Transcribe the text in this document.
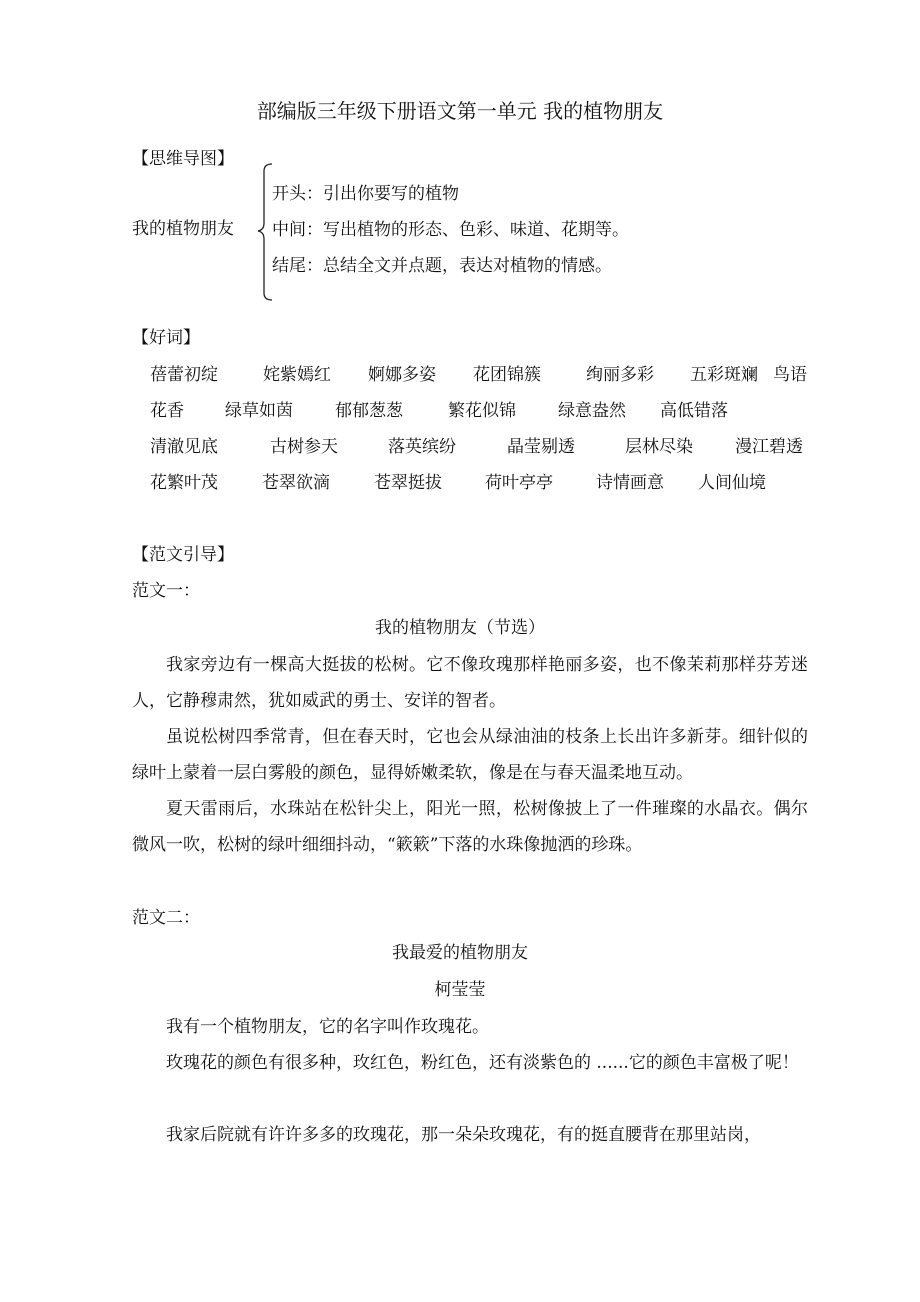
部编版三年级下册语文第一单元 我的植物朋友
【思维导图】
我的植物朋友
开头：引出你要写的植物
中间：写出植物的形态、色彩、味道、花期等。
结尾：总结全文并点题，表达对植物的情感。
【好词】
蓓蕾初绽	姹紫嫣红 婀娜多姿 花团锦簇	绚丽多彩 五彩斑斓 鸟语
花香 绿草如茵 郁郁葱葱	繁花似锦 绿意盎然 高低错落
清澈见底	古树参天	落英缤纷	晶莹剔透	层林尽染 漫江碧透
花繁叶茂	苍翠欲滴	苍翠挺拔	荷叶亭亭	诗情画意 人间仙境
【范文引导】
范文一：
我的植物朋友（节选）
我家旁边有一棵高大挺拔的松树。它不像玫瑰那样艳丽多姿，也不像茉莉那样芬芳迷人，它静穆肃然，犹如威武的勇士、安详的智者。
虽说松树四季常青，但在春天时，它也会从绿油油的枝条上长出许多新芽。细针似的绿叶上蒙着一层白雾般的颜色，显得娇嫩柔软，像是在与春天温柔地互动。
夏天雷雨后，水珠站在松针尖上，阳光一照，松树像披上了一件璀璨的水晶衣。偶尔微风一吹，松树的绿叶细细抖动，“簌簌”下落的水珠像抛洒的珍珠。
范文二：
我最爱的植物朋友
柯莹莹
我有一个植物朋友，它的名字叫作玫瑰花。
玫瑰花的颜色有很多种，玫红色，粉红色，还有淡紫色的 ......它的颜色丰富极了呢！
我家后院就有许许多多的玫瑰花，那一朵朵玫瑰花，有的挺直腰背在那里站岗，
